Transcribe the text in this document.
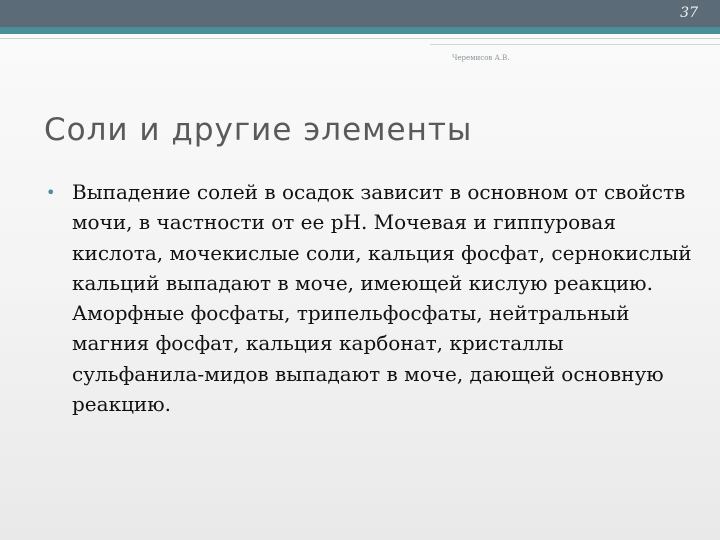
37
Черемисов А.В.
Соли и другие элементы
• Выпадение солей в осадок зависит в основном от свойств мочи, в частности от ее рН. Мочевая и гиппуровая кислота, мочекислые соли, кальция фосфат, сернокислый кальций выпадают в моче, имеющей кислую реакцию. Аморфные фосфаты, трипельфосфаты, нейтральный магния фосфат, кальция карбонат, кристаллы сульфанила-мидов выпадают в моче, дающей основную реакцию.
